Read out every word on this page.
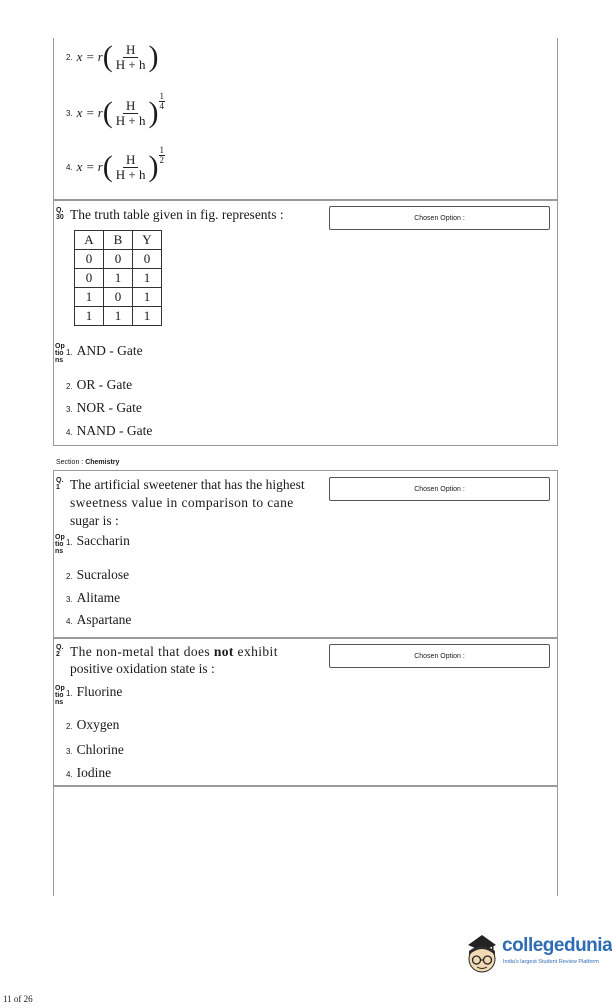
2. x = r ( $\frac{H}{H + h}$ )
3. x = r ( $\frac{H}{H + h}$ )
1
4
4. x = r ( $\frac{H}{H + h}$ )
1
2
Q.
30 The truth table given in fig. represents :	Chosen Option :
A	B	Y
0	0	0
0	1	1
1	0	1
1	1	1
Options
1. AND - Gate
2. OR - Gate
3. NOR - Gate
4. NAND - Gate
Section : Chemistry
Q.
1 The artificial sweetener that has the highest
sweetness value in comparison to cane
sugar is :
Chosen Option :
Options
1. Saccharin
2. Sucralose
3. Alitame
4. Aspartane
Q.
2 The non-metal that does not exhibit
positive oxidation state is :
Chosen Option :
Options
1. Fluorine
2. Oxygen
3. Chlorine
4. Iodine
collegedunia
India's largest Student Review Platform
11 of 26
